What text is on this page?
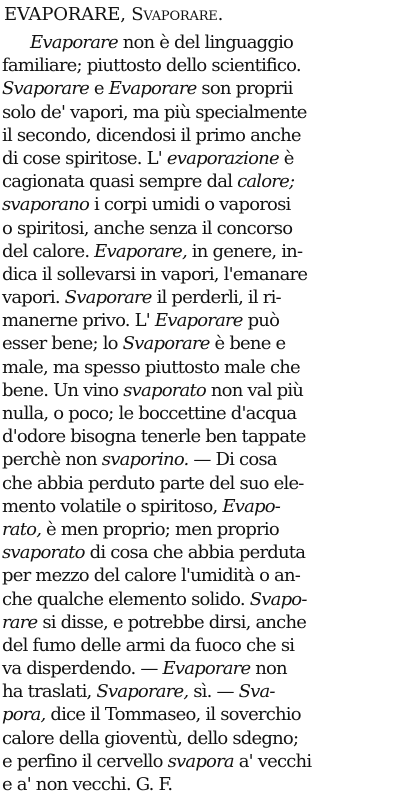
EVAPORARE, Svaporare.
Evaporare non è del linguaggio
familiare; piuttosto dello scientifico.
Svaporare e Evaporare son proprii
solo de' vapori, ma più specialmente
il secondo, dicendosi il primo anche
di cose spiritose. L' evaporazione è
cagionata quasi sempre dal calore;
svaporano i corpi umidi o vaporosi
o spiritosi, anche senza il concorso
del calore. Evaporare, in genere, in-
dica il sollevarsi in vapori, l'emanare
vapori. Svaporare il perderli, il ri-
manerne privo. L' Evaporare può
esser bene; lo Svaporare è bene e
male, ma spesso piuttosto male che
bene. Un vino svaporato non val più
nulla, o poco; le boccettine d'acqua
d'odore bisogna tenerle ben tappate
perchè non svaporino. — Di cosa
che abbia perduto parte del suo ele-
mento volatile o spiritoso, Evapo-
rato, è men proprio; men proprio
svaporato di cosa che abbia perduta
per mezzo del calore l'umidità o an-
che qualche elemento solido. Svapo-
rare si disse, e potrebbe dirsi, anche
del fumo delle armi da fuoco che si
va disperdendo. — Evaporare non
ha traslati, Svaporare, sì. — Sva-
pora, dice il Tommaseo, il soverchio
calore della gioventù, dello sdegno;
e perfino il cervello svapora a' vecchi
e a' non vecchi. G. F.
